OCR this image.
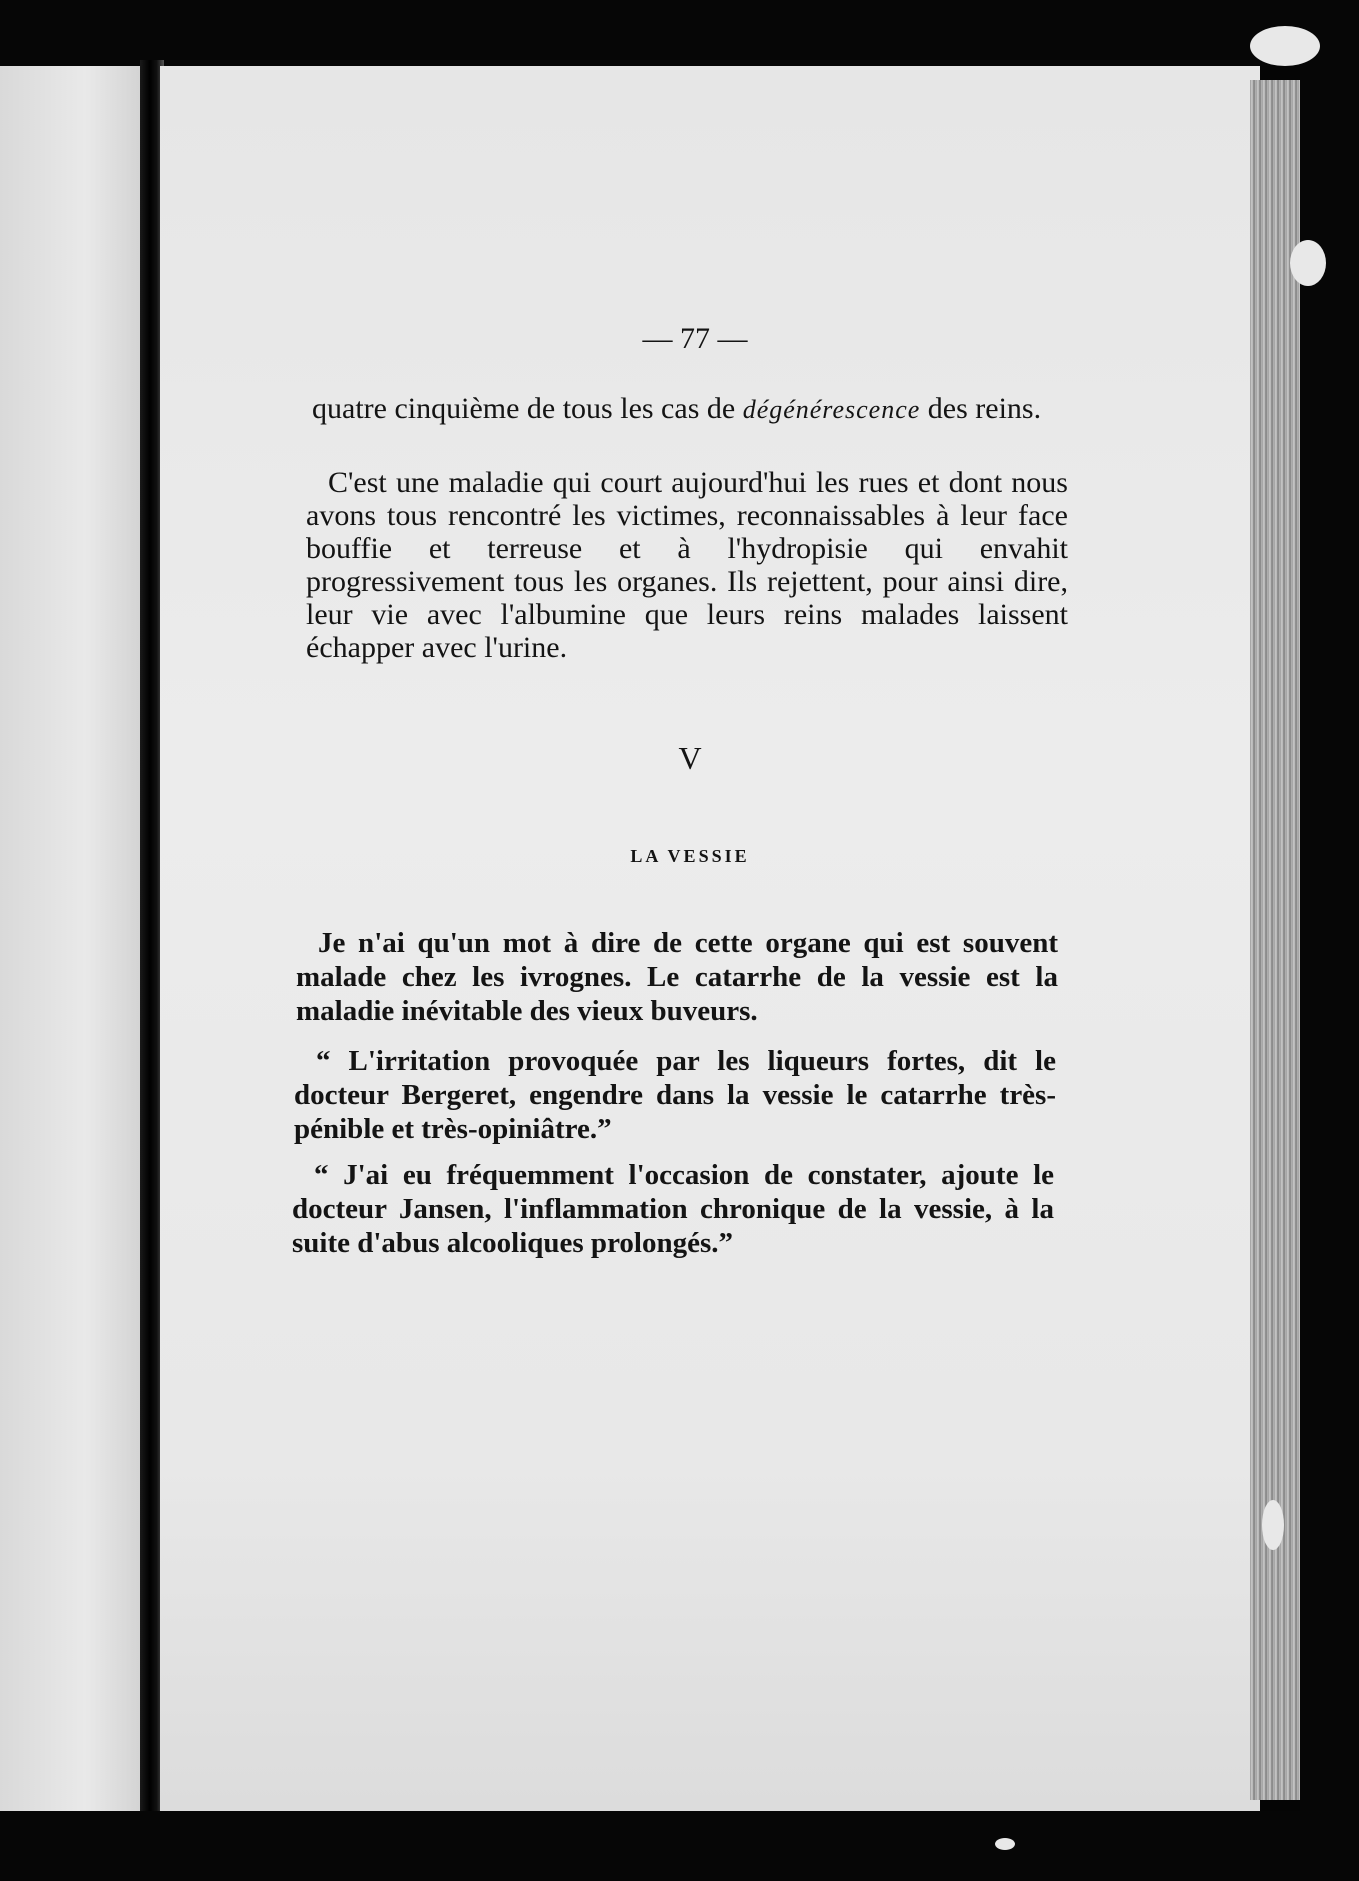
— 77 —

quatre cinquième de tous les cas de dégénérescence des reins.

C'est une maladie qui court aujourd'hui les rues et dont nous avons tous rencontré les victimes, reconnaissables à leur face bouffie et terreuse et à l'hydropisie qui envahit progressivement tous les organes. Ils rejettent, pour ainsi dire, leur vie avec l'albumine que leurs reins malades laissent échapper avec l'urine.

V
LA VESSIE

Je n'ai qu'un mot à dire de cette organe qui est souvent malade chez les ivrognes. Le catarrhe de la vessie est la maladie inévitable des vieux buveurs.

“ L'irritation provoquée par les liqueurs fortes, dit le docteur Bergeret, engendre dans la vessie le catarrhe très-pénible et très-opiniâtre.”

“ J'ai eu fréquemment l'occasion de constater, ajoute le docteur Jansen, l'inflammation chronique de la vessie, à la suite d'abus alcooliques prolongés.”
